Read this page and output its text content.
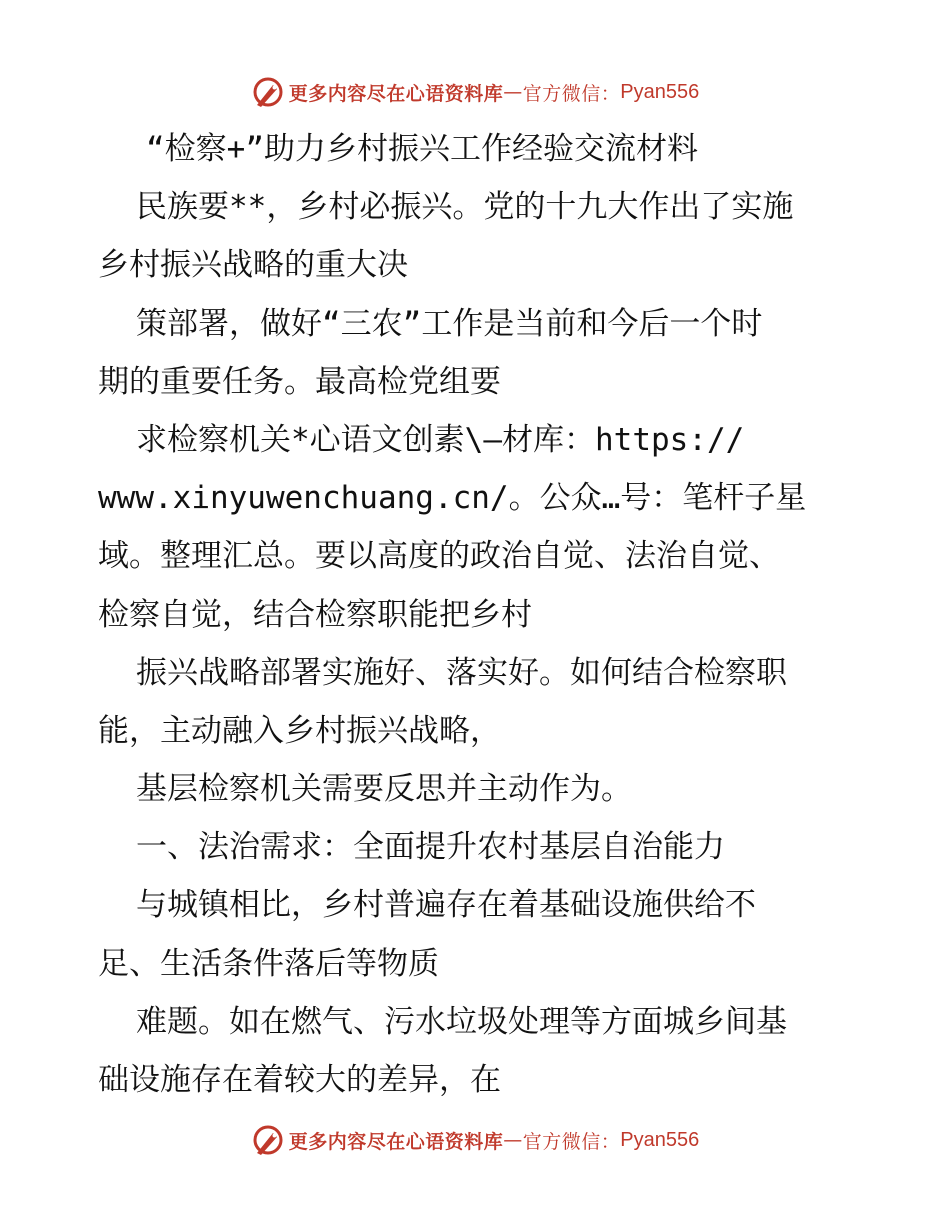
更多内容尽在心语资料库 — 官方微信： Pyan556
“检察+”助力乡村振兴工作经验交流材料
民族要**，乡村必振兴。党的十九大作出了实施
乡村振兴战略的重大决
策部署，做好“三农”工作是当前和今后一个时
期的重要任务。最高检党组要
求检察机关*心语文创素\—材库：https://
www.xinyuwenchuang.cn/。公众…号：笔杆子星
域。整理汇总。要以高度的政治自觉、法治自觉、
检察自觉，结合检察职能把乡村
振兴战略部署实施好、落实好。如何结合检察职
能，主动融入乡村振兴战略，
基层检察机关需要反思并主动作为。
一、法治需求：全面提升农村基层自治能力
与城镇相比，乡村普遍存在着基础设施供给不
足、生活条件落后等物质
难题。如在燃气、污水垃圾处理等方面城乡间基
础设施存在着较大的差异，在
更多内容尽在心语资料库 — 官方微信： Pyan556
